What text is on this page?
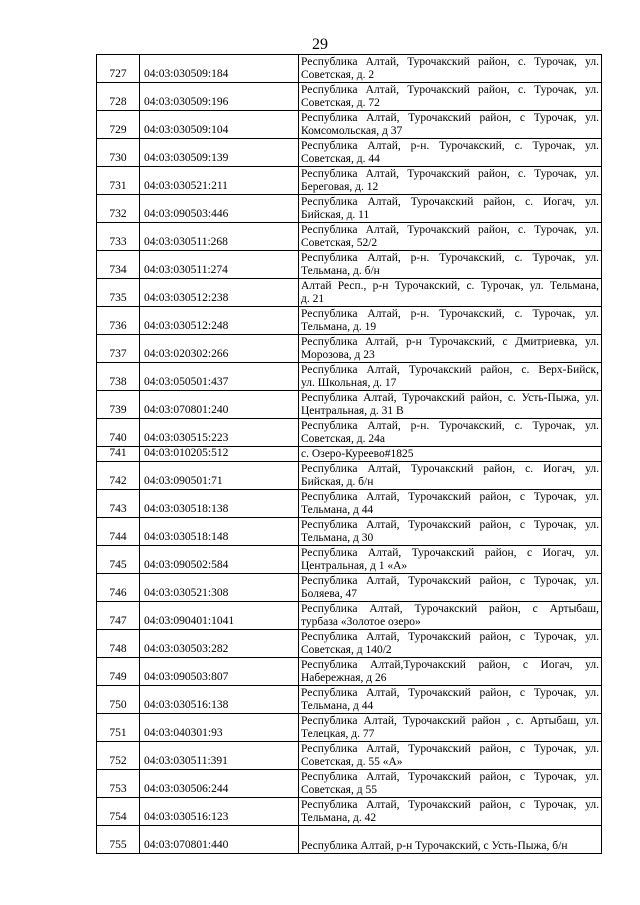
29
727	04:03:030509:184	Республика Алтай, Турочакский район, с. Турочак, ул.
Советская, д. 2

728	04:03:030509:196	Республика Алтай, Турочакский район, с. Турочак, ул.
Советская, д. 72

729	04:03:030509:104	Республика Алтай, Турочакский район, с Турочак, ул.
Комсомольская, д 37

730	04:03:030509:139	Республика Алтай, р-н. Турочакский, с. Турочак, ул.
Советская, д. 44

731	04:03:030521:211	Республика Алтай, Турочакский район, с. Турочак, ул.
Береговая, д. 12

732	04:03:090503:446	Республика Алтай, Турочакский район, с. Иогач, ул.
Бийская, д. 11

733	04:03:030511:268	Республика Алтай, Турочакский район, с. Турочак, ул.
Советская, 52/2

734	04:03:030511:274	Республика Алтай, р-н. Турочакский, с. Турочак, ул.
Тельмана, д. б/н

735	04:03:030512:238	Алтай Респ., р-н Турочакский, с. Турочак, ул. Тельмана,
д. 21

736	04:03:030512:248	Республика Алтай, р-н. Турочакский, с. Турочак, ул.
Тельмана, д. 19

737	04:03:020302:266	Республика Алтай, р-н Турочакский, с Дмитриевка, ул.
Морозова, д 23

738	04:03:050501:437	Республика Алтай, Турочакский район, с. Верх-Бийск,
ул. Школьная, д. 17

739	04:03:070801:240	Республика Алтай, Турочакский район, с. Усть-Пыжа, ул.
Центральная, д. 31 В

740	04:03:030515:223	Республика Алтай, р-н. Турочакский, с. Турочак, ул.
Советская, д. 24а

741	04:03:010205:512	с. Озеро-Куреево#1825

742	04:03:090501:71	Республика Алтай, Турочакский район, с. Иогач, ул.
Бийская, д. б/н

743	04:03:030518:138	Республика Алтай, Турочакский район, с Турочак, ул.
Тельмана, д 44

744	04:03:030518:148	Республика Алтай, Турочакский район, с Турочак, ул.
Тельмана, д 30

745	04:03:090502:584	Республика Алтай, Турочакский район, с Иогач, ул.
Центральная, д 1 «А»

746	04:03:030521:308	Республика Алтай, Турочакский район, с Турочак, ул.
Боляева, 47

747	04:03:090401:1041	Республика Алтай, Турочакский район, с Артыбаш,
турбаза «Золотое озеро»

748	04:03:030503:282	Республика Алтай, Турочакский район, с Турочак, ул.
Советская, д 140/2

749	04:03:090503:807	Республика Алтай,Турочакский район, с Иогач, ул.
Набережная, д 26

750	04:03:030516:138	Республика Алтай, Турочакский район, с Турочак, ул.
Тельмана, д 44

751	04:03:040301:93	Республика Алтай, Турочакский район , с. Артыбаш, ул.
Телецкая, д. 77

752	04:03:030511:391	Республика Алтай, Турочакский район, с Турочак, ул.
Советская, д. 55 «А»

753	04:03:030506:244	Республика Алтай, Турочакский район, с Турочак, ул.
Советская, д 55

754	04:03:030516:123	Республика Алтай, Турочакский район, с Турочак, ул.
Тельмана, д. 42

755	04:03:070801:440	Республика Алтай, р-н Турочакский, с Усть-Пыжа, б/н
